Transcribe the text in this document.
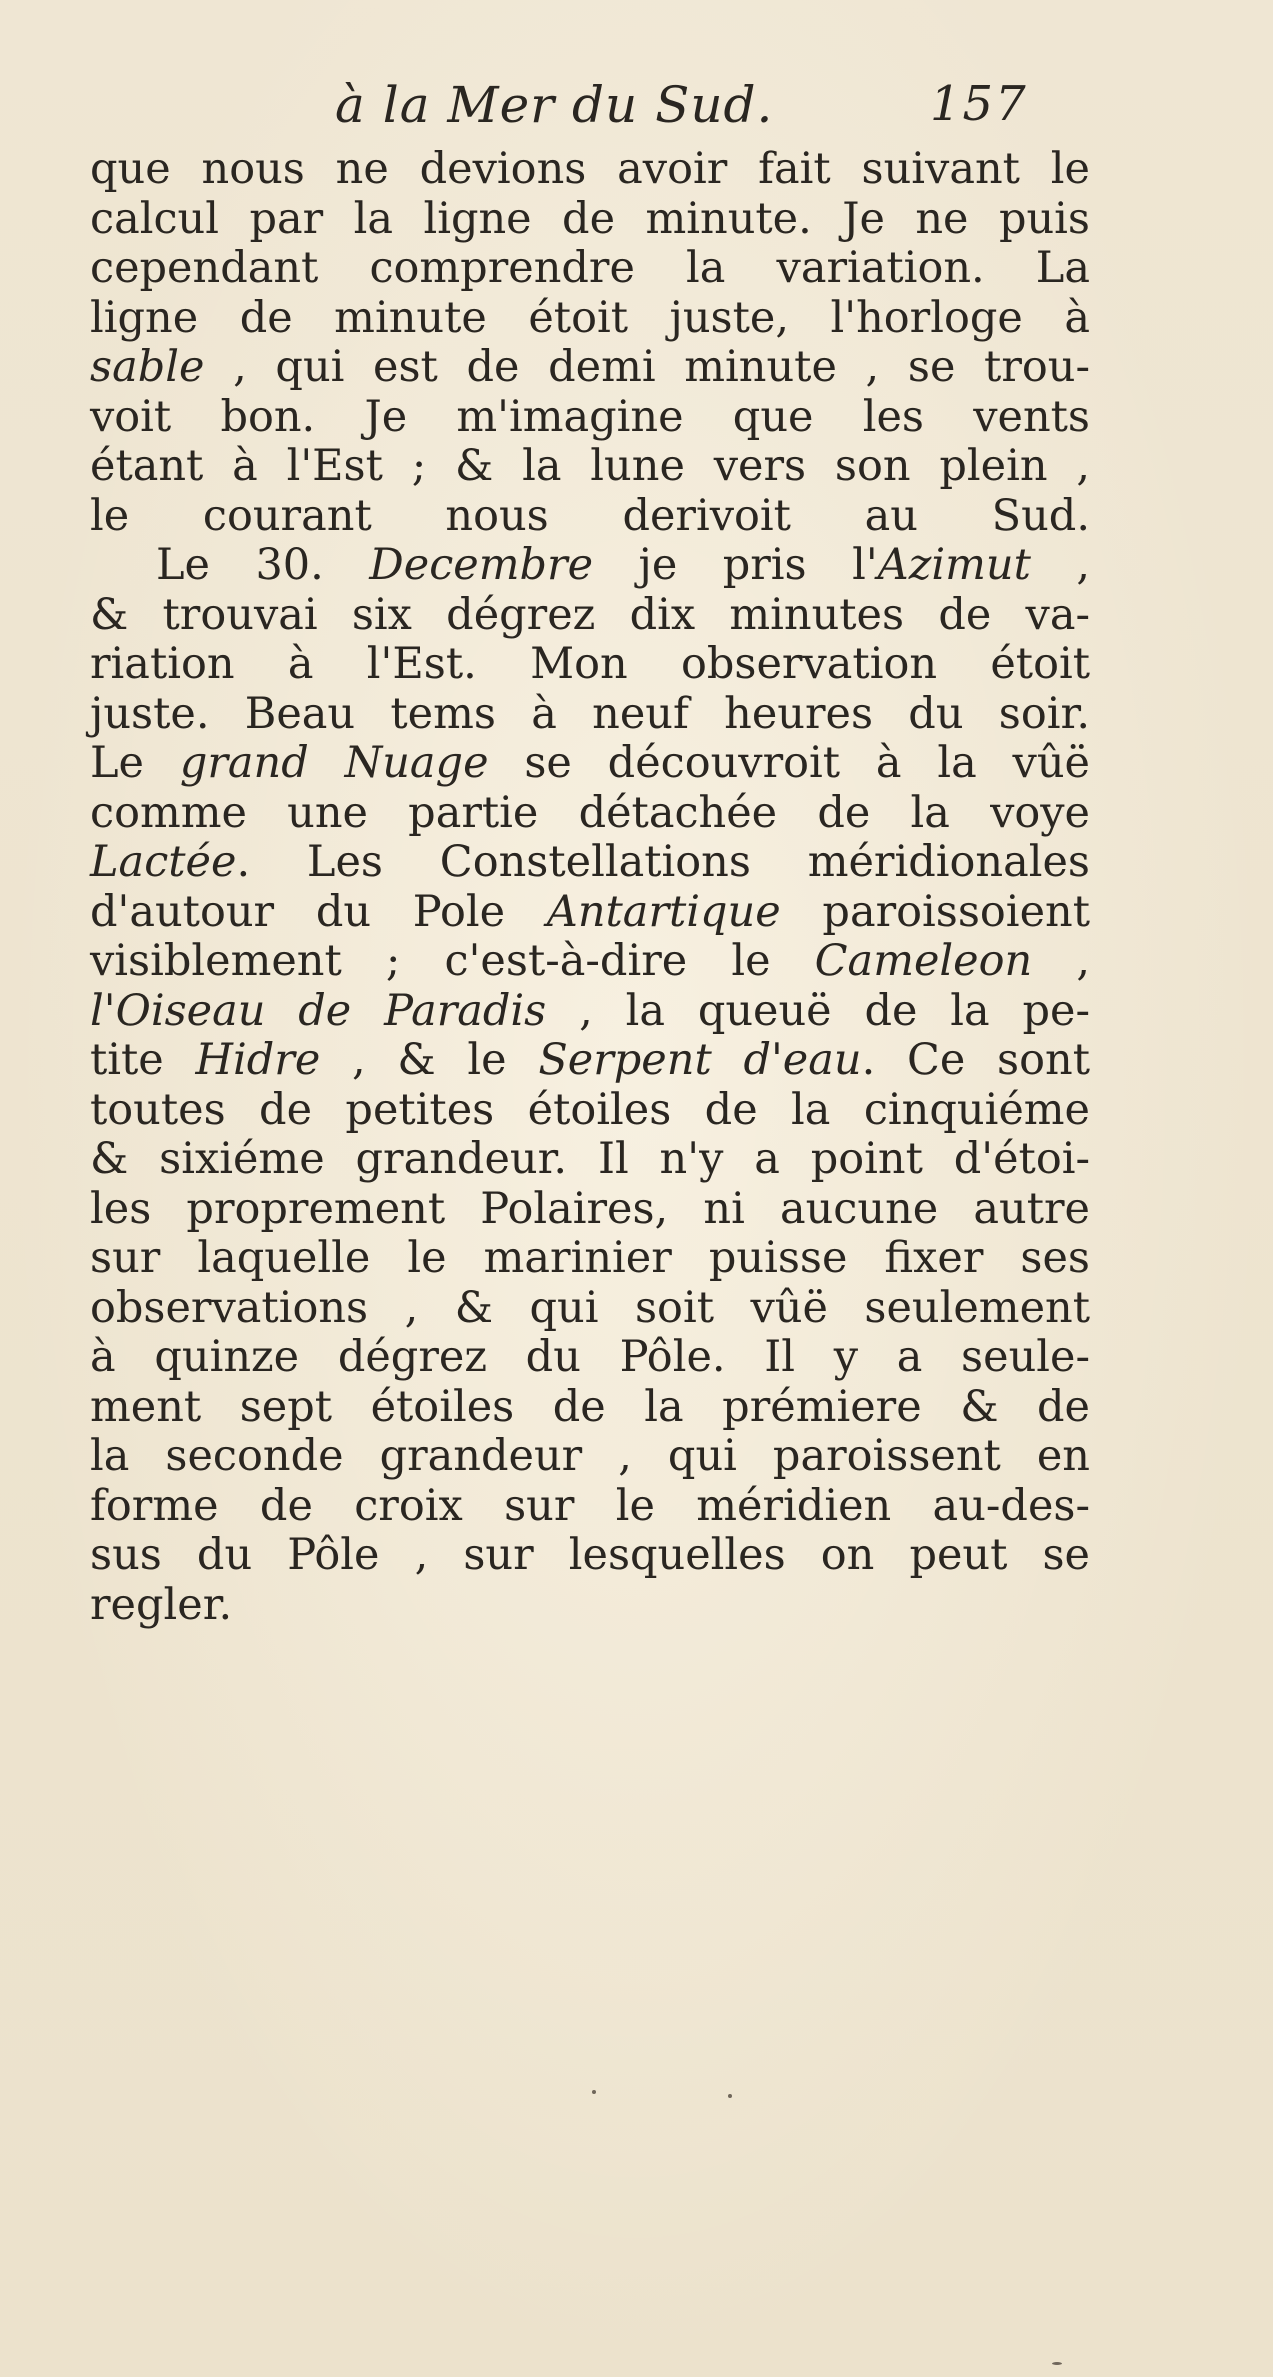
à la Mer du Sud.	157
que nous ne devions avoir fait suivant le
calcul par la ligne de minute. Je ne puis
cependant comprendre la variation. La
ligne de minute étoit juste, l'horloge à
sable , qui est de demi minute , se trou-
voit bon. Je m'imagine que les vents
étant à l'Est ; & la lune vers son plein ,
le courant nous derivoit au Sud.
Le 30. Decembre je pris l'Azimut ,
& trouvai six dégrez dix minutes de va-
riation à l'Est. Mon observation étoit
juste. Beau tems à neuf heures du soir.
Le grand Nuage se découvroit à la vûë
comme une partie détachée de la voye
Lactée. Les Constellations méridionales
d'autour du Pole Antartique paroissoient
visiblement ; c'est-à-dire le Cameleon ,
l'Oiseau de Paradis , la queuë de la pe-
tite Hidre , & le Serpent d'eau. Ce sont
toutes de petites étoiles de la cinquiéme
& sixiéme grandeur. Il n'y a point d'étoi-
les proprement Polaires, ni aucune autre
sur laquelle le marinier puisse fixer ses
observations , & qui soit vûë seulement
à quinze dégrez du Pôle. Il y a seule-
ment sept étoiles de la prémiere & de
la seconde grandeur , qui paroissent en
forme de croix sur le méridien au-des-
sus du Pôle , sur lesquelles on peut se
regler.
